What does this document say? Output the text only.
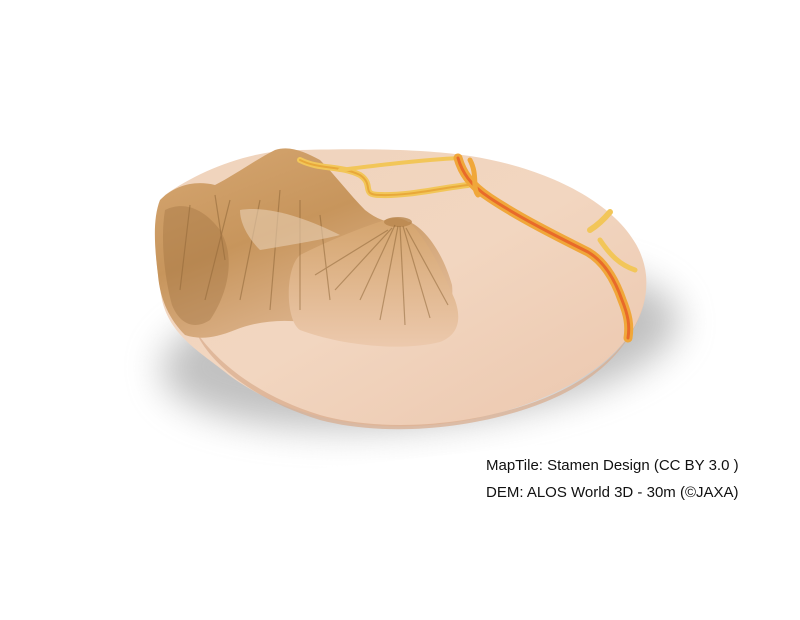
MapTile: Stamen Design (CC BY 3.0 )
DEM: ALOS World 3D - 30m (©JAXA)
